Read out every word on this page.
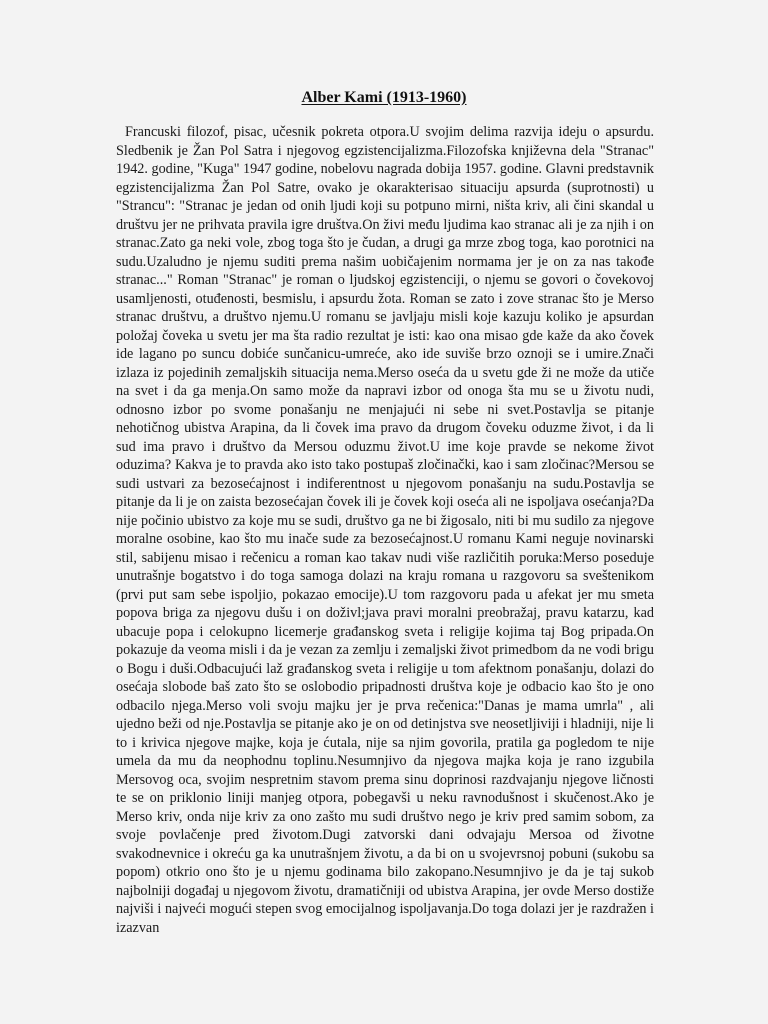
Alber Kami (1913-1960)

Francuski filozof, pisac, učesnik pokreta otpora.U svojim delima razvija ideju o apsurdu. Sledbenik je Žan Pol Satra i njegovog egzistencijalizma.Filozofska književna dela "Stranac" 1942. godine, "Kuga" 1947 godine, nobelovu nagrada dobija 1957. godine. Glavni predstavnik egzistencijalizma Žan Pol Satre, ovako je okarakterisao situaciju apsurda (suprotnosti) u "Strancu": "Stranac je jedan od onih ljudi koji su potpuno mirni, ništa kriv, ali čini skandal u društvu jer ne prihvata pravila igre društva.On živi među ljudima kao stranac ali je za njih i on stranac.Zato ga neki vole, zbog toga što je čudan, a drugi ga mrze zbog toga, kao porotnici na sudu.Uzaludno je njemu suditi prema našim uobičajenim normama jer je on za nas takođe stranac..." Roman "Stranac" je roman o ljudskoj egzistenciji, o njemu se govori o čovekovoj usamljenosti, otuđenosti, besmislu, i apsurdu žota. Roman se zato i zove stranac što je Merso stranac društvu, a društvo njemu.U romanu se javljaju misli koje kazuju koliko je apsurdan položaj čoveka u svetu jer ma šta radio rezultat je isti: kao ona misao gde kaže da ako čovek ide lagano po suncu dobiće sunčanicu-umreće, ako ide suviše brzo oznoji se i umire.Znači izlaza iz pojedinih zemaljskih situacija nema.Merso oseća da u svetu gde ži ne može da utiče na svet i da ga menja.On samo može da napravi izbor od onoga šta mu se u životu nudi, odnosno izbor po svome ponašanju ne menjajući ni sebe ni svet.Postavlja se pitanje nehotičnog ubistva Arapina, da li čovek ima pravo da drugom čoveku oduzme život, i da li sud ima pravo i društvo da Mersou oduzmu život.U ime koje pravde se nekome život oduzima? Kakva je to pravda ako isto tako postupaš zločinački, kao i sam zločinac?Mersou se sudi ustvari za bezosećajnost i indiferentnost u njegovom ponašanju na sudu.Postavlja se pitanje da li je on zaista bezosećajan čovek ili je čovek koji oseća ali ne ispoljava osećanja?Da nije počinio ubistvo za koje mu se sudi, društvo ga ne bi žigosalo, niti bi mu sudilo za njegove moralne osobine, kao što mu inače sude za bezosećajnost.U romanu Kami neguje novinarski stil, sabijenu misao i rečenicu a roman kao takav nudi više različitih poruka:Merso poseduje unutrašnje bogatstvo i do toga samoga dolazi na kraju romana u razgovoru sa sveštenikom (prvi put sam sebe ispoljio, pokazao emocije).U tom razgovoru pada u afekat jer mu smeta popova briga za njegovu dušu i on doživl;java pravi moralni preobražaj, pravu katarzu, kad ubacuje popa i celokupno licemerje građanskog sveta i religije kojima taj Bog pripada.On pokazuje da veoma misli i da je vezan za zemlju i zemaljski život primedbom da ne vodi brigu o Bogu i duši.Odbacujući laž građanskog sveta i religije u tom afektnom ponašanju, dolazi do osećaja slobode baš zato što se oslobodio pripadnosti društva koje je odbacio kao što je ono odbacilo njega.Merso voli svoju majku jer je prva rečenica:"Danas je mama umrla" , ali ujedno beži od nje.Postavlja se pitanje ako je on od detinjstva sve neosetljiviji i hladniji, nije li to i krivica njegove majke, koja je ćutala, nije sa njim govorila, pratila ga pogledom te nije umela da mu da neophodnu toplinu.Nesumnjivo da njegova majka koja je rano izgubila Mersovog oca, svojim nespretnim stavom prema sinu doprinosi razdvajanju njegove ličnosti te se on priklonio liniji manjeg otpora, pobegavši u neku ravnodušnost i skučenost.Ako je Merso kriv, onda nije kriv za ono zašto mu sudi društvo nego je kriv pred samim sobom, za svoje povlačenje pred životom.Dugi zatvorski dani odvajaju Mersoa od životne svakodnevnice i okreću ga ka unutrašnjem životu, a da bi on u svojevrsnoj pobuni (sukobu sa popom) otkrio ono što je u njemu godinama bilo zakopano.Nesumnjivo je da je taj sukob najbolniji događaj u njegovom životu, dramatičniji od ubistva Arapina, jer ovde Merso dostiže najviši i najveći mogući stepen svog emocijalnog ispoljavanja.Do toga dolazi jer je razdražen i izazvan
